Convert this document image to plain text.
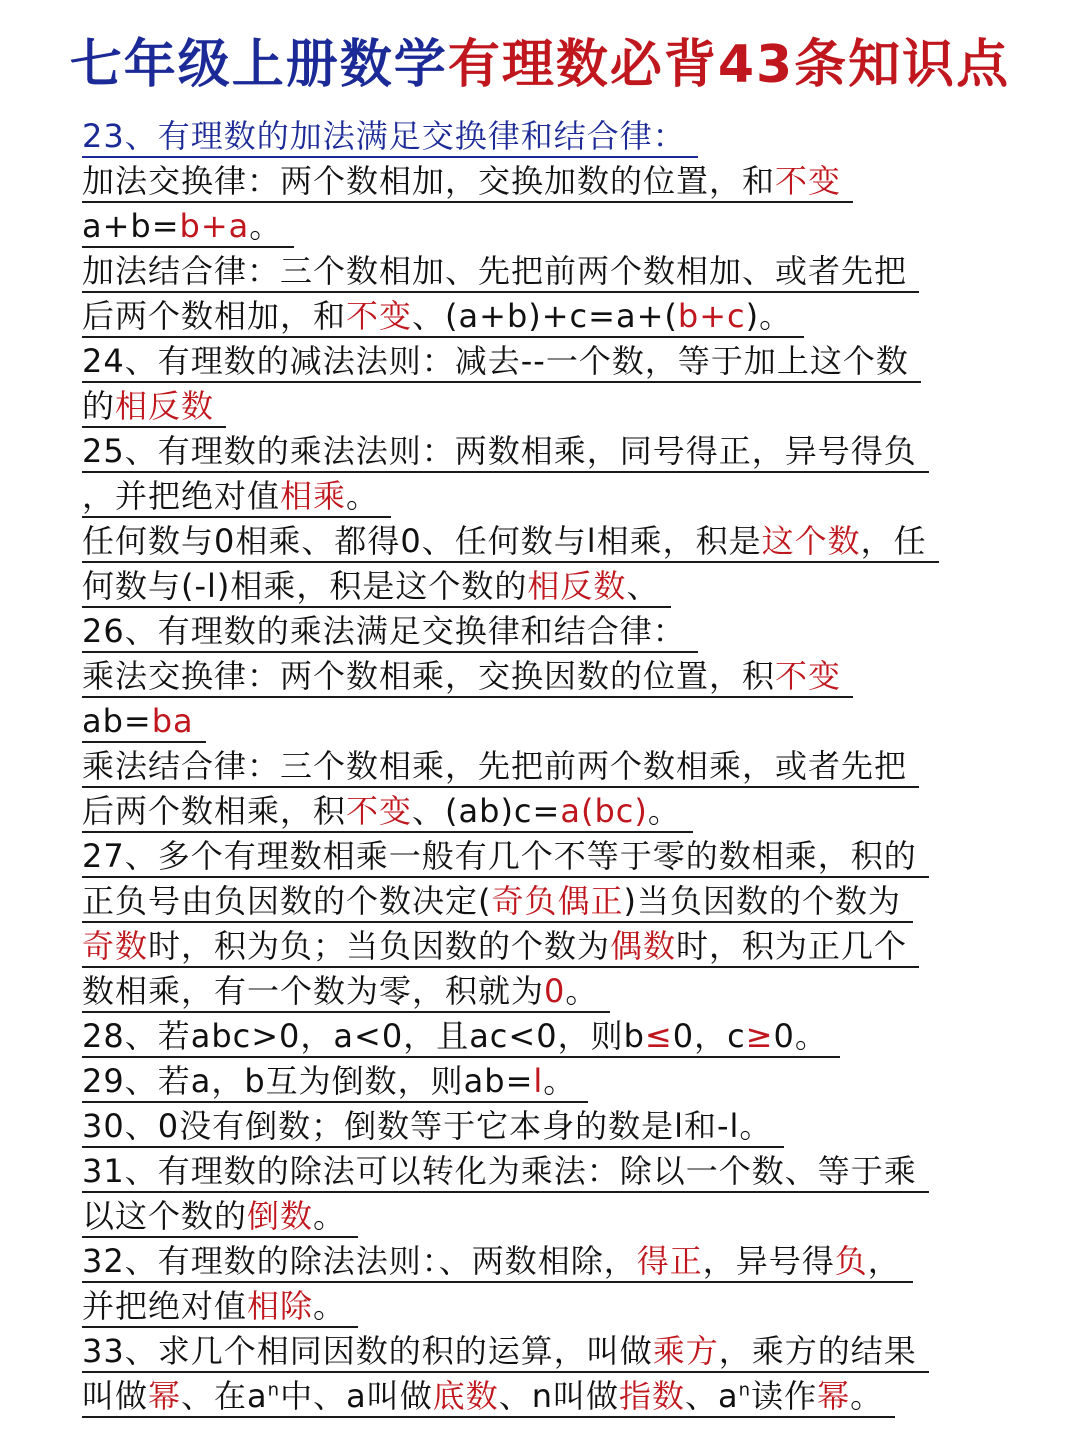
七年级上册数学有理数必背43条知识点
23、有理数的加法满足交换律和结合律：
加法交换律：两个数相加，交换加数的位置，和不变
a+b=b+a。
加法结合律：三个数相加、先把前两个数相加、或者先把
后两个数相加，和不变、(a+b)+c=a+(b+c)。
24、有理数的减法法则：减去--一个数，等于加上这个数
的相反数
25、有理数的乘法法则：两数相乘，同号得正，异号得负
，并把绝对值相乘。
任何数与0相乘、都得0、任何数与l相乘，积是这个数，任
何数与(-l)相乘，积是这个数的相反数、
26、有理数的乘法满足交换律和结合律：
乘法交换律：两个数相乘，交换因数的位置，积不变
ab=ba
乘法结合律：三个数相乘，先把前两个数相乘，或者先把
后两个数相乘，积不变、(ab)c=a(bc)。
27、多个有理数相乘一般有几个不等于零的数相乘，积的
正负号由负因数的个数决定(奇负偶正)当负因数的个数为
奇数时，积为负；当负因数的个数为偶数时，积为正几个
数相乘，有一个数为零，积就为0。
28、若abc>0，a<0，且ac<0，则b≤0，c≥0。
29、若a，b互为倒数，则ab=l。
30、0没有倒数；倒数等于它本身的数是l和-l。
31、有理数的除法可以转化为乘法：除以一个数、等于乘
以这个数的倒数。
32、有理数的除法法则：、两数相除，得正，异号得负，
并把绝对值相除。
33、求几个相同因数的积的运算，叫做乘方，乘方的结果
叫做幂、在$a^n$中、a叫做底数、n叫做指数、$a^n$读作幂。
